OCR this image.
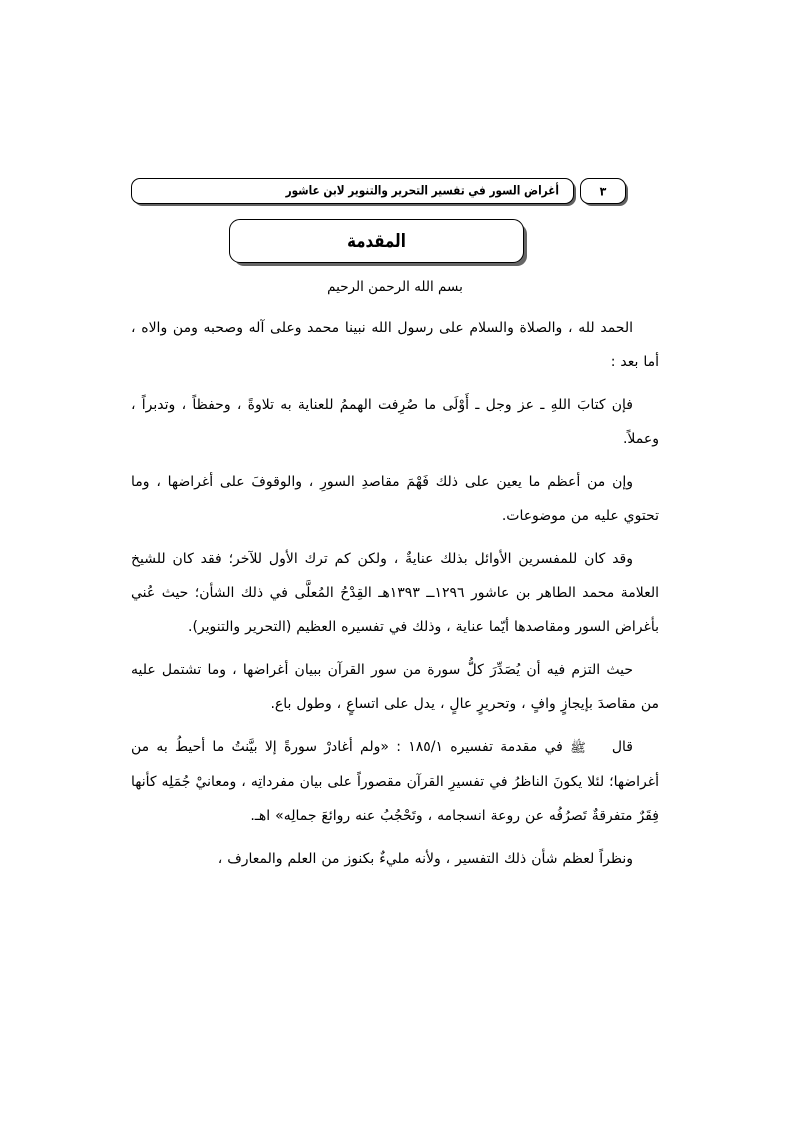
أغراض السور في تفسير التحرير والتنوير لابن عاشور	٣
المقدمة

بسم الله الرحمن الرحيم

الحمد لله ، والصلاة والسلام على رسول الله نبينا محمد وعلى آله وصحبه ومن والاه ، أما بعد :

فإن كتابَ اللهِ ـ عز وجل ـ أَوْلَى ما صُرِفت الهممُ للعناية به تلاوةً ، وحفظاً ، وتدبراً ، وعملاً.

وإن من أعظم ما يعين على ذلك فَهْمَ مقاصدِ السورِ ، والوقوفَ على أغراضها ، وما تحتوي عليه من موضوعات.

وقد كان للمفسرين الأوائل بذلك عنايةٌ ، ولكن كم ترك الأول للآخر؛ فقد كان للشيخ العلامة محمد الطاهر بن عاشور ١٢٩٦ــ ١٣٩٣هـ القِدْحُ المُعلَّى في ذلك الشأن؛ حيث عُني بأغراض السور ومقاصدها أيّما عناية ، وذلك في تفسيره العظيم (التحرير والتنوير).

حيث التزم فيه أن يُصَدِّرَ كلُّ سورة من سور القرآن ببيان أغراضها ، وما تشتمل عليه من مقاصدَ بإيجازٍ وافٍ ، وتحريرٍ عالٍ ، يدل على اتساعٍ ، وطول باع.

قالﷺ في مقدمة تفسيره ١٨٥/١ : «ولم أغادرْ سورةً إلا بيَّنتُ ما أحيطُ به من أغراضها؛ لئلا يكونَ الناظرُ في تفسيرِ القرآن مقصوراً على بيان مفرداتِه ، ومعانيْ جُمَلِه كأنها فِقَرٌ متفرقةٌ تَصرُفُه عن روعة انسجامه ، وتَحْجُبُ عنه روائعَ جمالِه» اهـ.

ونظراً لعظم شأن ذلك التفسير ، ولأنه مليءٌ بكنوز من العلم والمعارف ،
